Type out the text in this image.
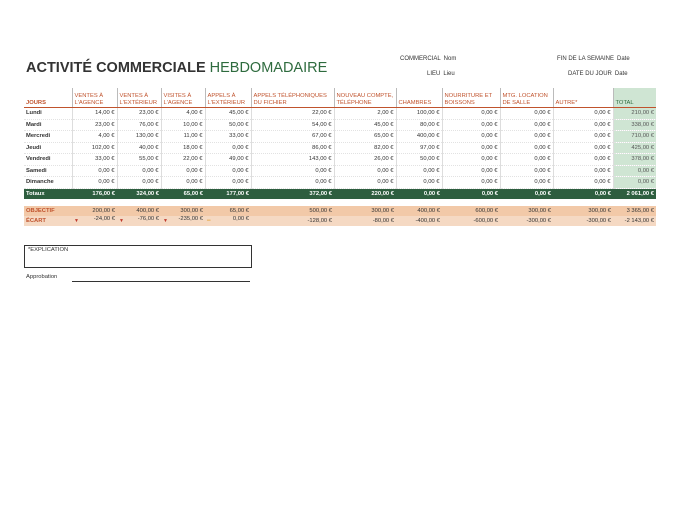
ACTIVITÉ COMMERCIALE HEBDOMADAIRE
COMMERCIAL Nom
LIEU Lieu
FIN DE LA SEMAINE Date
DATE DU JOUR Date
JOURS	VENTES À L'AGENCE	VENTES À L'EXTÉRIEUR	VISITES À L'AGENCE	APPELS À L'EXTÉRIEUR	APPELS TÉLÉPHONIQUES DU FICHIER	NOUVEAU COMPTE, TÉLÉPHONE	CHAMBRES	NOURRITURE ET BOISSONS	MTG. LOCATION DE SALLE	AUTRE*	TOTAL
Lundi	14,00 €	23,00 €	4,00 €	45,00 €	22,00 €	2,00 €	100,00 €	0,00 €	0,00 €	0,00 €	210,00 €
Mardi	23,00 €	76,00 €	10,00 €	50,00 €	54,00 €	45,00 €	80,00 €	0,00 €	0,00 €	0,00 €	338,00 €
Mercredi	4,00 €	130,00 €	11,00 €	33,00 €	67,00 €	65,00 €	400,00 €	0,00 €	0,00 €	0,00 €	710,00 €
Jeudi	102,00 €	40,00 €	18,00 €	0,00 €	86,00 €	82,00 €	97,00 €	0,00 €	0,00 €	0,00 €	425,00 €
Vendredi	33,00 €	55,00 €	22,00 €	49,00 €	143,00 €	26,00 €	50,00 €	0,00 €	0,00 €	0,00 €	378,00 €
Samedi	0,00 €	0,00 €	0,00 €	0,00 €	0,00 €	0,00 €	0,00 €	0,00 €	0,00 €	0,00 €	0,00 €
Dimanche	0,00 €	0,00 €	0,00 €	0,00 €	0,00 €	0,00 €	0,00 €	0,00 €	0,00 €	0,00 €	0,00 €
Totaux	176,00 €	324,00 €	65,00 €	177,00 €	372,00 €	220,00 €	0,00 €	0,00 €	0,00 €	0,00 €	2 061,00 €

OBJECTIF	200,00 €	400,00 €	300,00 €	65,00 €	500,00 €	300,00 €	400,00 €	600,00 €	300,00 €	300,00 €	3 365,00 €
ÉCART	▼ -24,00 €	▼ -76,00 €	▼ -235,00 €	═ 0,00 €	-128,00 €	-80,00 €	-400,00 €	-600,00 €	-300,00 €	-300,00 €	-2 143,00 €
*EXPLICATION
Approbation
